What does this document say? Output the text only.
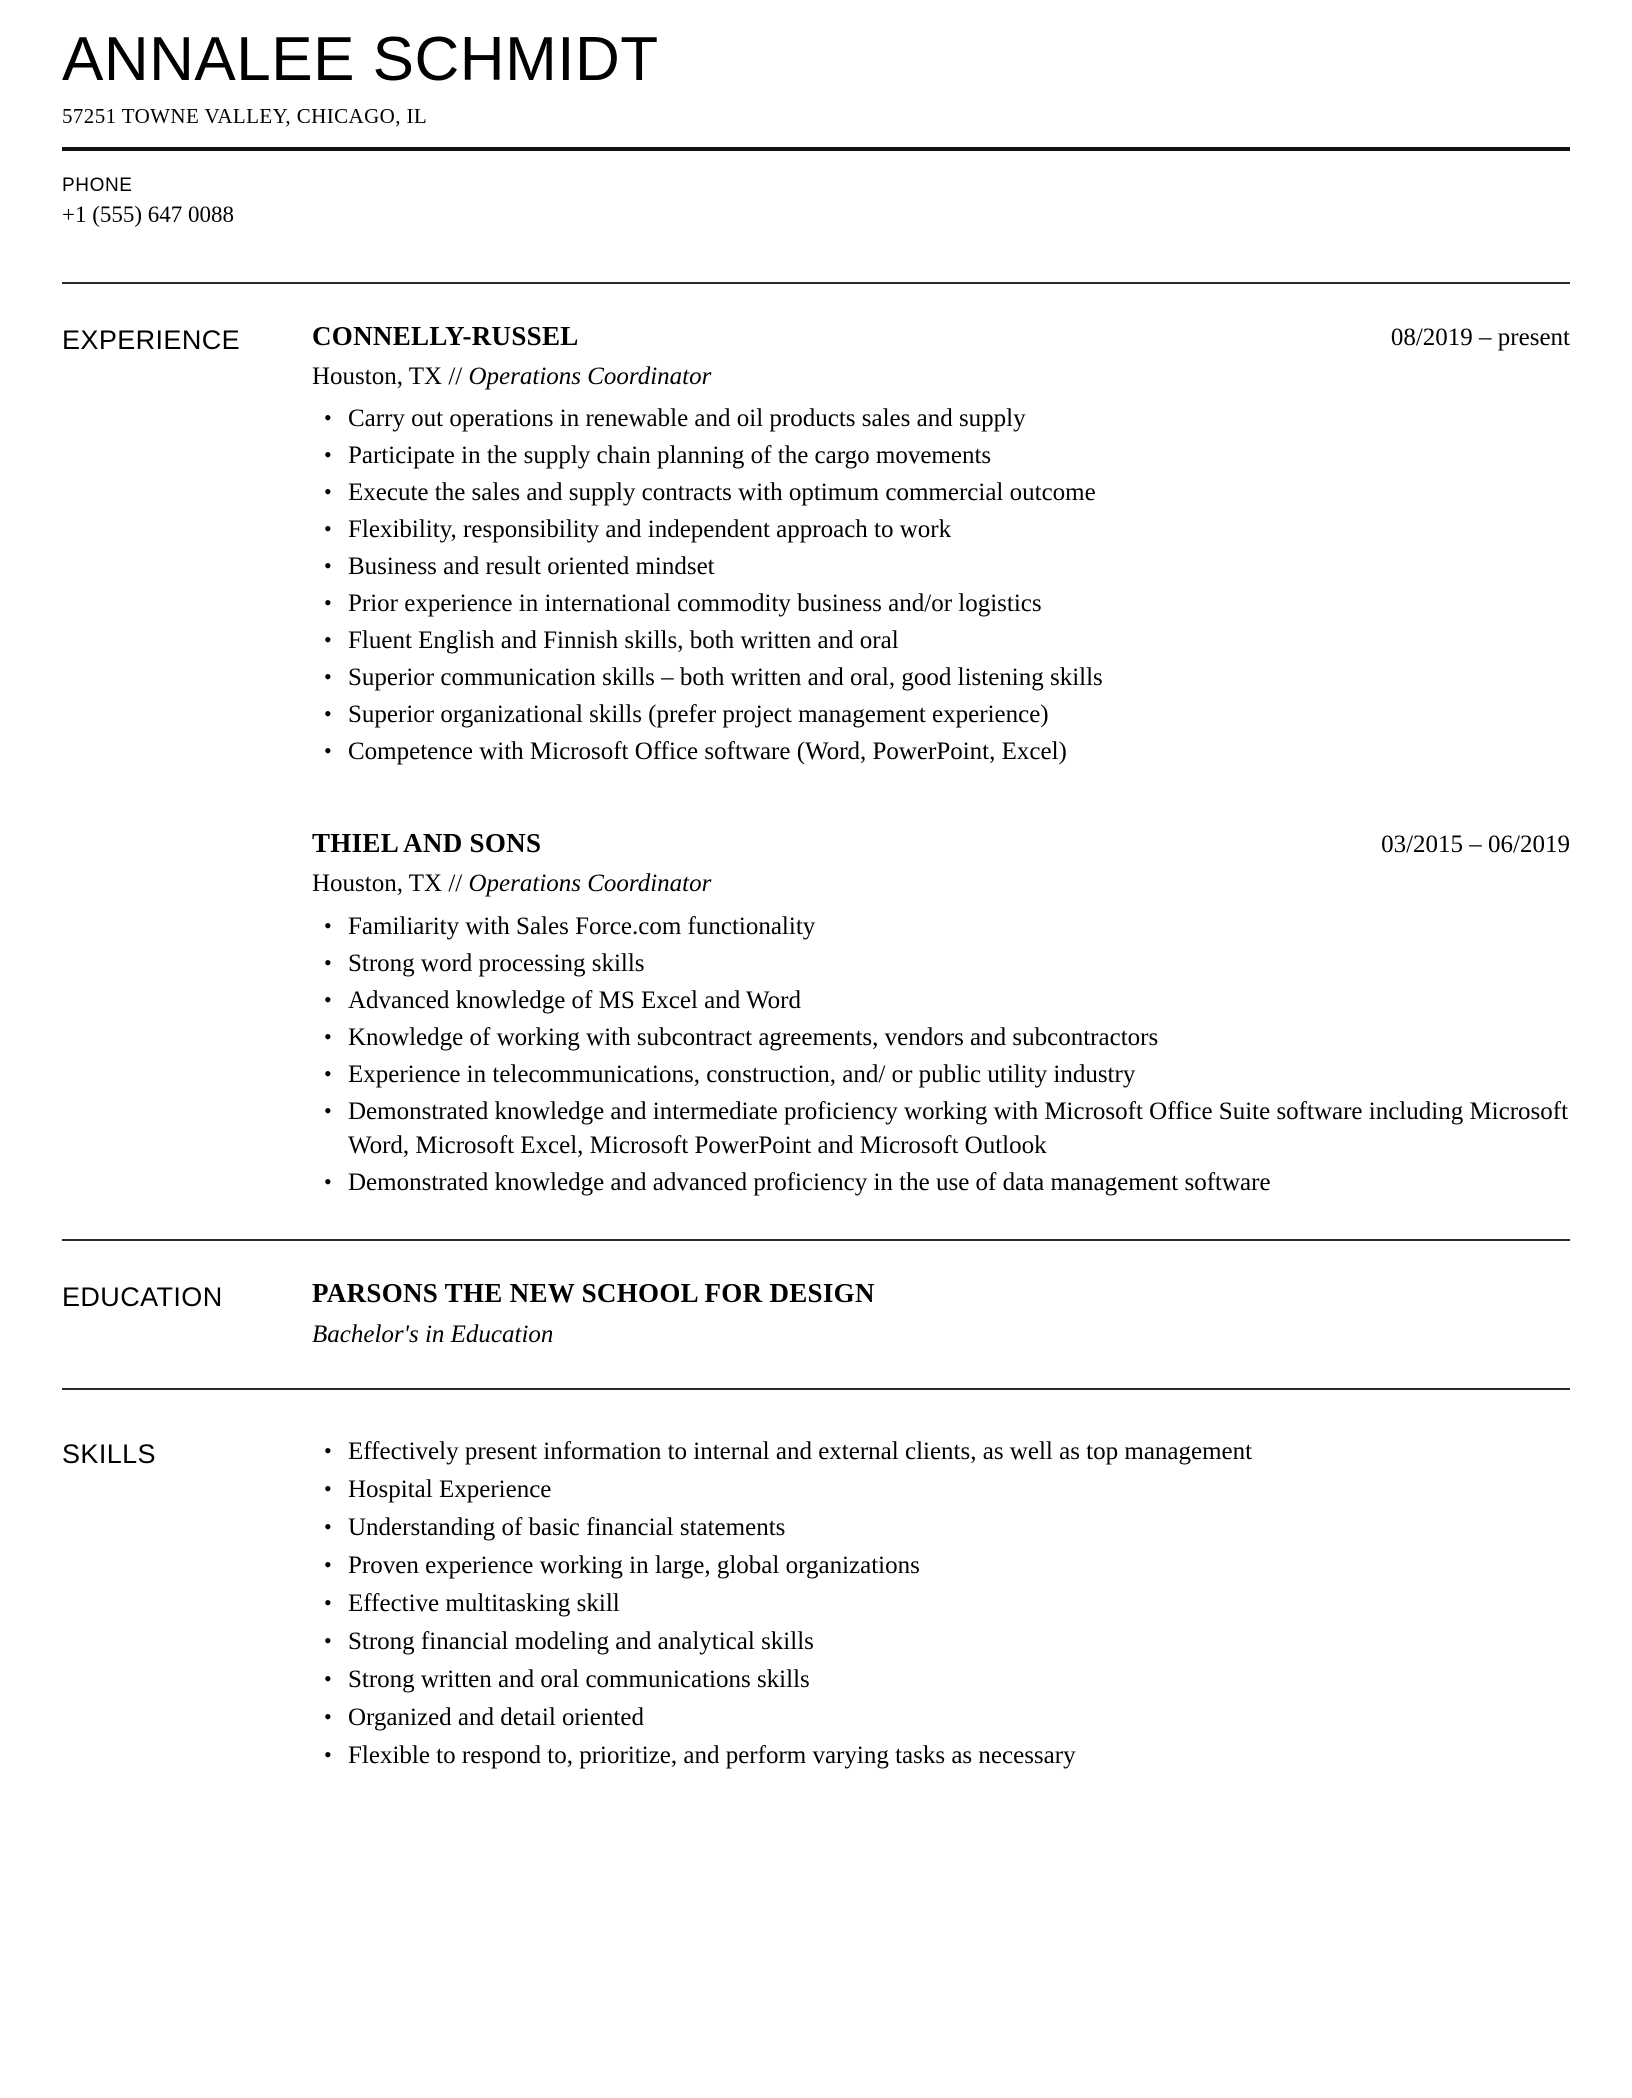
ANNALEE SCHMIDT
57251 TOWNE VALLEY, CHICAGO, IL
PHONE
+1 (555) 647 0088
EXPERIENCE	CONNELLY-RUSSEL	08/2019 – present
Houston, TX // Operations Coordinator
• Carry out operations in renewable and oil products sales and supply
• Participate in the supply chain planning of the cargo movements
• Execute the sales and supply contracts with optimum commercial outcome
• Flexibility, responsibility and independent approach to work
• Business and result oriented mindset
• Prior experience in international commodity business and/or logistics
• Fluent English and Finnish skills, both written and oral
• Superior communication skills – both written and oral, good listening skills
• Superior organizational skills (prefer project management experience)
• Competence with Microsoft Office software (Word, PowerPoint, Excel)
THIEL AND SONS	03/2015 – 06/2019
Houston, TX // Operations Coordinator
• Familiarity with Sales Force.com functionality
• Strong word processing skills
• Advanced knowledge of MS Excel and Word
• Knowledge of working with subcontract agreements, vendors and subcontractors
• Experience in telecommunications, construction, and/ or public utility industry
• Demonstrated knowledge and intermediate proficiency working with Microsoft Office Suite software including Microsoft Word, Microsoft Excel, Microsoft PowerPoint and Microsoft Outlook
• Demonstrated knowledge and advanced proficiency in the use of data management software
EDUCATION	PARSONS THE NEW SCHOOL FOR DESIGN
Bachelor's in Education
SKILLS	• Effectively present information to internal and external clients, as well as top management
• Hospital Experience
• Understanding of basic financial statements
• Proven experience working in large, global organizations
• Effective multitasking skill
• Strong financial modeling and analytical skills
• Strong written and oral communications skills
• Organized and detail oriented
• Flexible to respond to, prioritize, and perform varying tasks as necessary
